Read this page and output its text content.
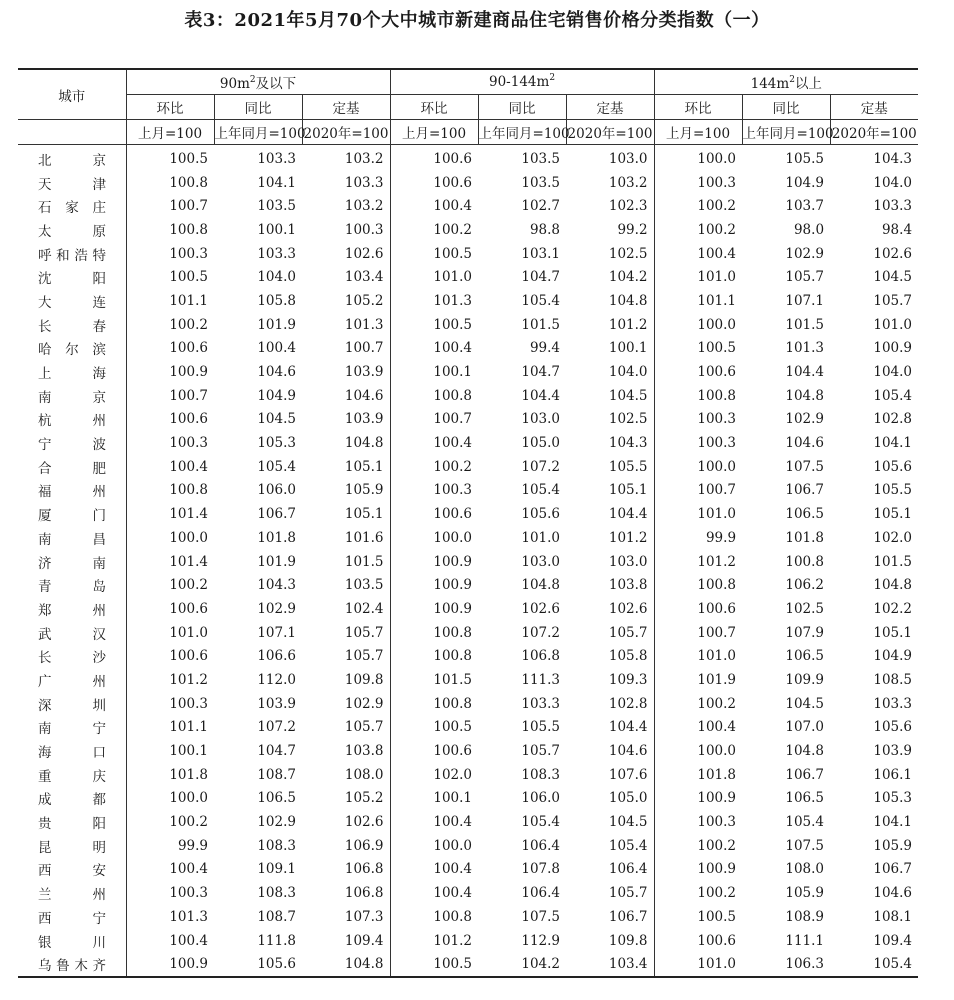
表3：2021年5月70个大中城市新建商品住宅销售价格分类指数（一）
城市	$90m^2$及以下			$90-144m^2$			$144m^2$以上		
	环比	同比	定基	环比	同比	定基	环比	同比	定基
	上月=100	上年同月=100	2020年=100	上月=100	上年同月=100	2020年=100	上月=100	上年同月=100	2020年=100
北京	100.5	103.3	103.2	100.6	103.5	103.0	100.0	105.5	104.3
天津	100.8	104.1	103.3	100.6	103.5	103.2	100.3	104.9	104.0
石家庄	100.7	103.5	103.2	100.4	102.7	102.3	100.2	103.7	103.3
太原	100.8	100.1	100.3	100.2	98.8	99.2	100.2	98.0	98.4
呼和浩特	100.3	103.3	102.6	100.5	103.1	102.5	100.4	102.9	102.6
沈阳	100.5	104.0	103.4	101.0	104.7	104.2	101.0	105.7	104.5
大连	101.1	105.8	105.2	101.3	105.4	104.8	101.1	107.1	105.7
长春	100.2	101.9	101.3	100.5	101.5	101.2	100.0	101.5	101.0
哈尔滨	100.6	100.4	100.7	100.4	99.4	100.1	100.5	101.3	100.9
上海	100.9	104.6	103.9	100.1	104.7	104.0	100.6	104.4	104.0
南京	100.7	104.9	104.6	100.8	104.4	104.5	100.8	104.8	105.4
杭州	100.6	104.5	103.9	100.7	103.0	102.5	100.3	102.9	102.8
宁波	100.3	105.3	104.8	100.4	105.0	104.3	100.3	104.6	104.1
合肥	100.4	105.4	105.1	100.2	107.2	105.5	100.0	107.5	105.6
福州	100.8	106.0	105.9	100.3	105.4	105.1	100.7	106.7	105.5
厦门	101.4	106.7	105.1	100.6	105.6	104.4	101.0	106.5	105.1
南昌	100.0	101.8	101.6	100.0	101.0	101.2	99.9	101.8	102.0
济南	101.4	101.9	101.5	100.9	103.0	103.0	101.2	100.8	101.5
青岛	100.2	104.3	103.5	100.9	104.8	103.8	100.8	106.2	104.8
郑州	100.6	102.9	102.4	100.9	102.6	102.6	100.6	102.5	102.2
武汉	101.0	107.1	105.7	100.8	107.2	105.7	100.7	107.9	105.1
长沙	100.6	106.6	105.7	100.8	106.8	105.8	101.0	106.5	104.9
广州	101.2	112.0	109.8	101.5	111.3	109.3	101.9	109.9	108.5
深圳	100.3	103.9	102.9	100.8	103.3	102.8	100.2	104.5	103.3
南宁	101.1	107.2	105.7	100.5	105.5	104.4	100.4	107.0	105.6
海口	100.1	104.7	103.8	100.6	105.7	104.6	100.0	104.8	103.9
重庆	101.8	108.7	108.0	102.0	108.3	107.6	101.8	106.7	106.1
成都	100.0	106.5	105.2	100.1	106.0	105.0	100.9	106.5	105.3
贵阳	100.2	102.9	102.6	100.4	105.4	104.5	100.3	105.4	104.1
昆明	99.9	108.3	106.9	100.0	106.4	105.4	100.2	107.5	105.9
西安	100.4	109.1	106.8	100.4	107.8	106.4	100.9	108.0	106.7
兰州	100.3	108.3	106.8	100.4	106.4	105.7	100.2	105.9	104.6
西宁	101.3	108.7	107.3	100.8	107.5	106.7	100.5	108.9	108.1
银川	100.4	111.8	109.4	101.2	112.9	109.8	100.6	111.1	109.4
乌鲁木齐	100.9	105.6	104.8	100.5	104.2	103.4	101.0	106.3	105.4
